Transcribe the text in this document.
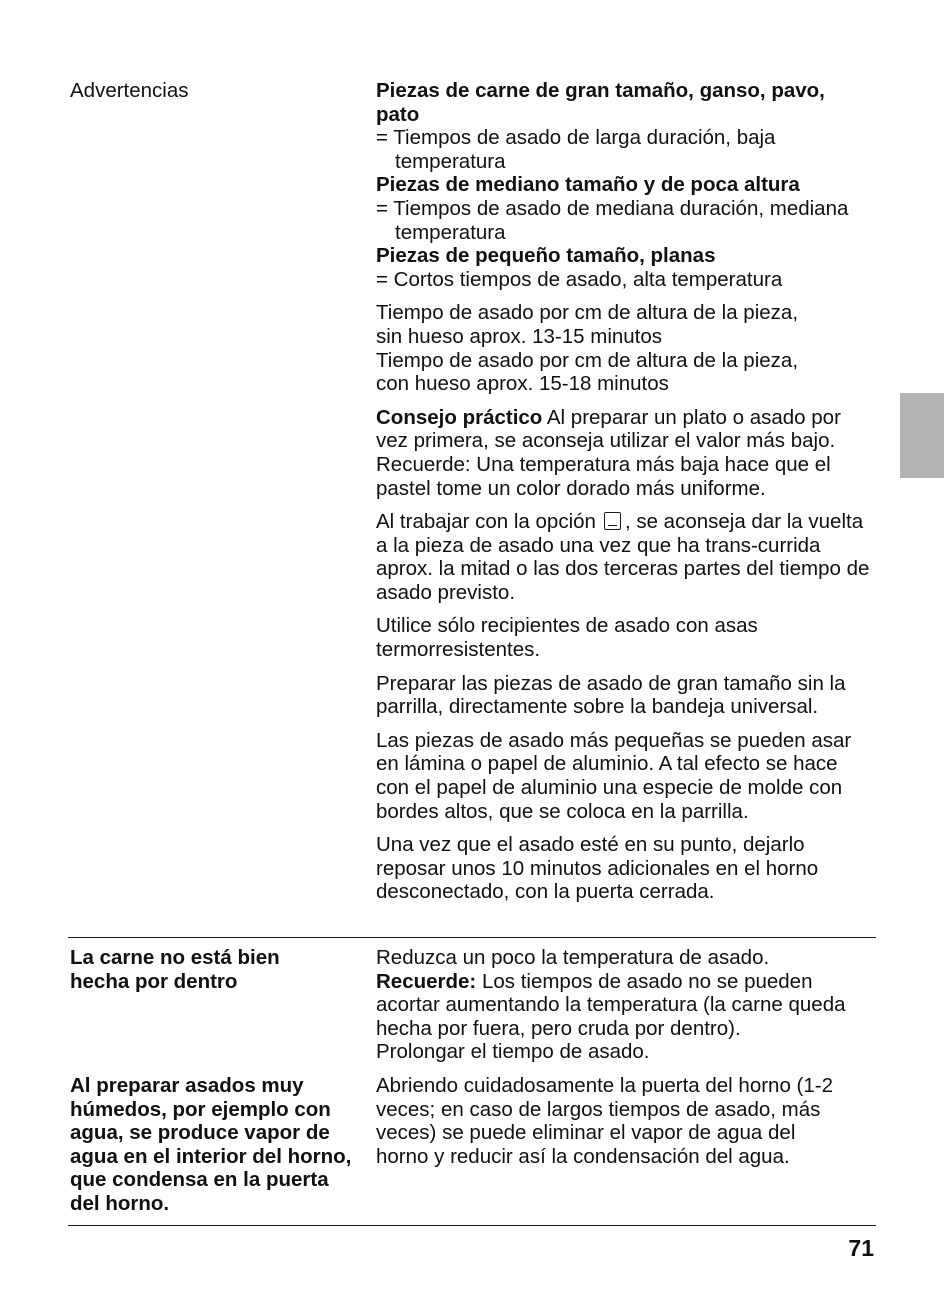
Advertencias	Piezas de carne de gran tamaño, ganso, pavo, pato

= Tiempos de asado de larga duración, baja temperatura

Piezas de mediano tamaño y de poca altura

= Tiempos de asado de mediana duración, mediana temperatura

Piezas de pequeño tamaño, planas

= Cortos tiempos de asado, alta temperatura

Tiempo de asado por cm de altura de la pieza,

sin hueso aprox. 13-15 minutos

Tiempo de asado por cm de altura de la pieza,

con hueso aprox. 15-18 minutos

Consejo práctico Al preparar un plato o asado por vez primera, se aconseja utilizar el valor más bajo. Recuerde: Una temperatura más baja hace que el pastel tome un color dorado más uniforme.

Al trabajar con la opción , se aconseja dar la vuelta a la pieza de asado una vez que ha trans-currida aprox. la mitad o las dos terceras partes del tiempo de asado previsto.

Utilice sólo recipientes de asado con asas termorresistentes.

Preparar las piezas de asado de gran tamaño sin la parrilla, directamente sobre la bandeja universal.

Las piezas de asado más pequeñas se pueden asar en lámina o papel de aluminio. A tal efecto se hace con el papel de aluminio una especie de molde con bordes altos, que se coloca en la parrilla.

Una vez que el asado esté en su punto, dejarlo reposar unos 10 minutos adicionales en el horno desconectado, con la puerta cerrada.

La carne no está bien hecha por dentro

Reduzca un poco la temperatura de asado.

Recuerde: Los tiempos de asado no se pueden acortar aumentando la temperatura (la carne queda hecha por fuera, pero cruda por dentro).

Prolongar el tiempo de asado.

Al preparar asados muy húmedos, por ejemplo con agua, se produce vapor de agua en el interior del horno, que condensa en la puerta del horno.
Abriendo cuidadosamente la puerta del horno (1-2 veces; en caso de largos tiempos de asado, más veces) se puede eliminar el vapor de agua del horno y reducir así la condensación del agua.
71
